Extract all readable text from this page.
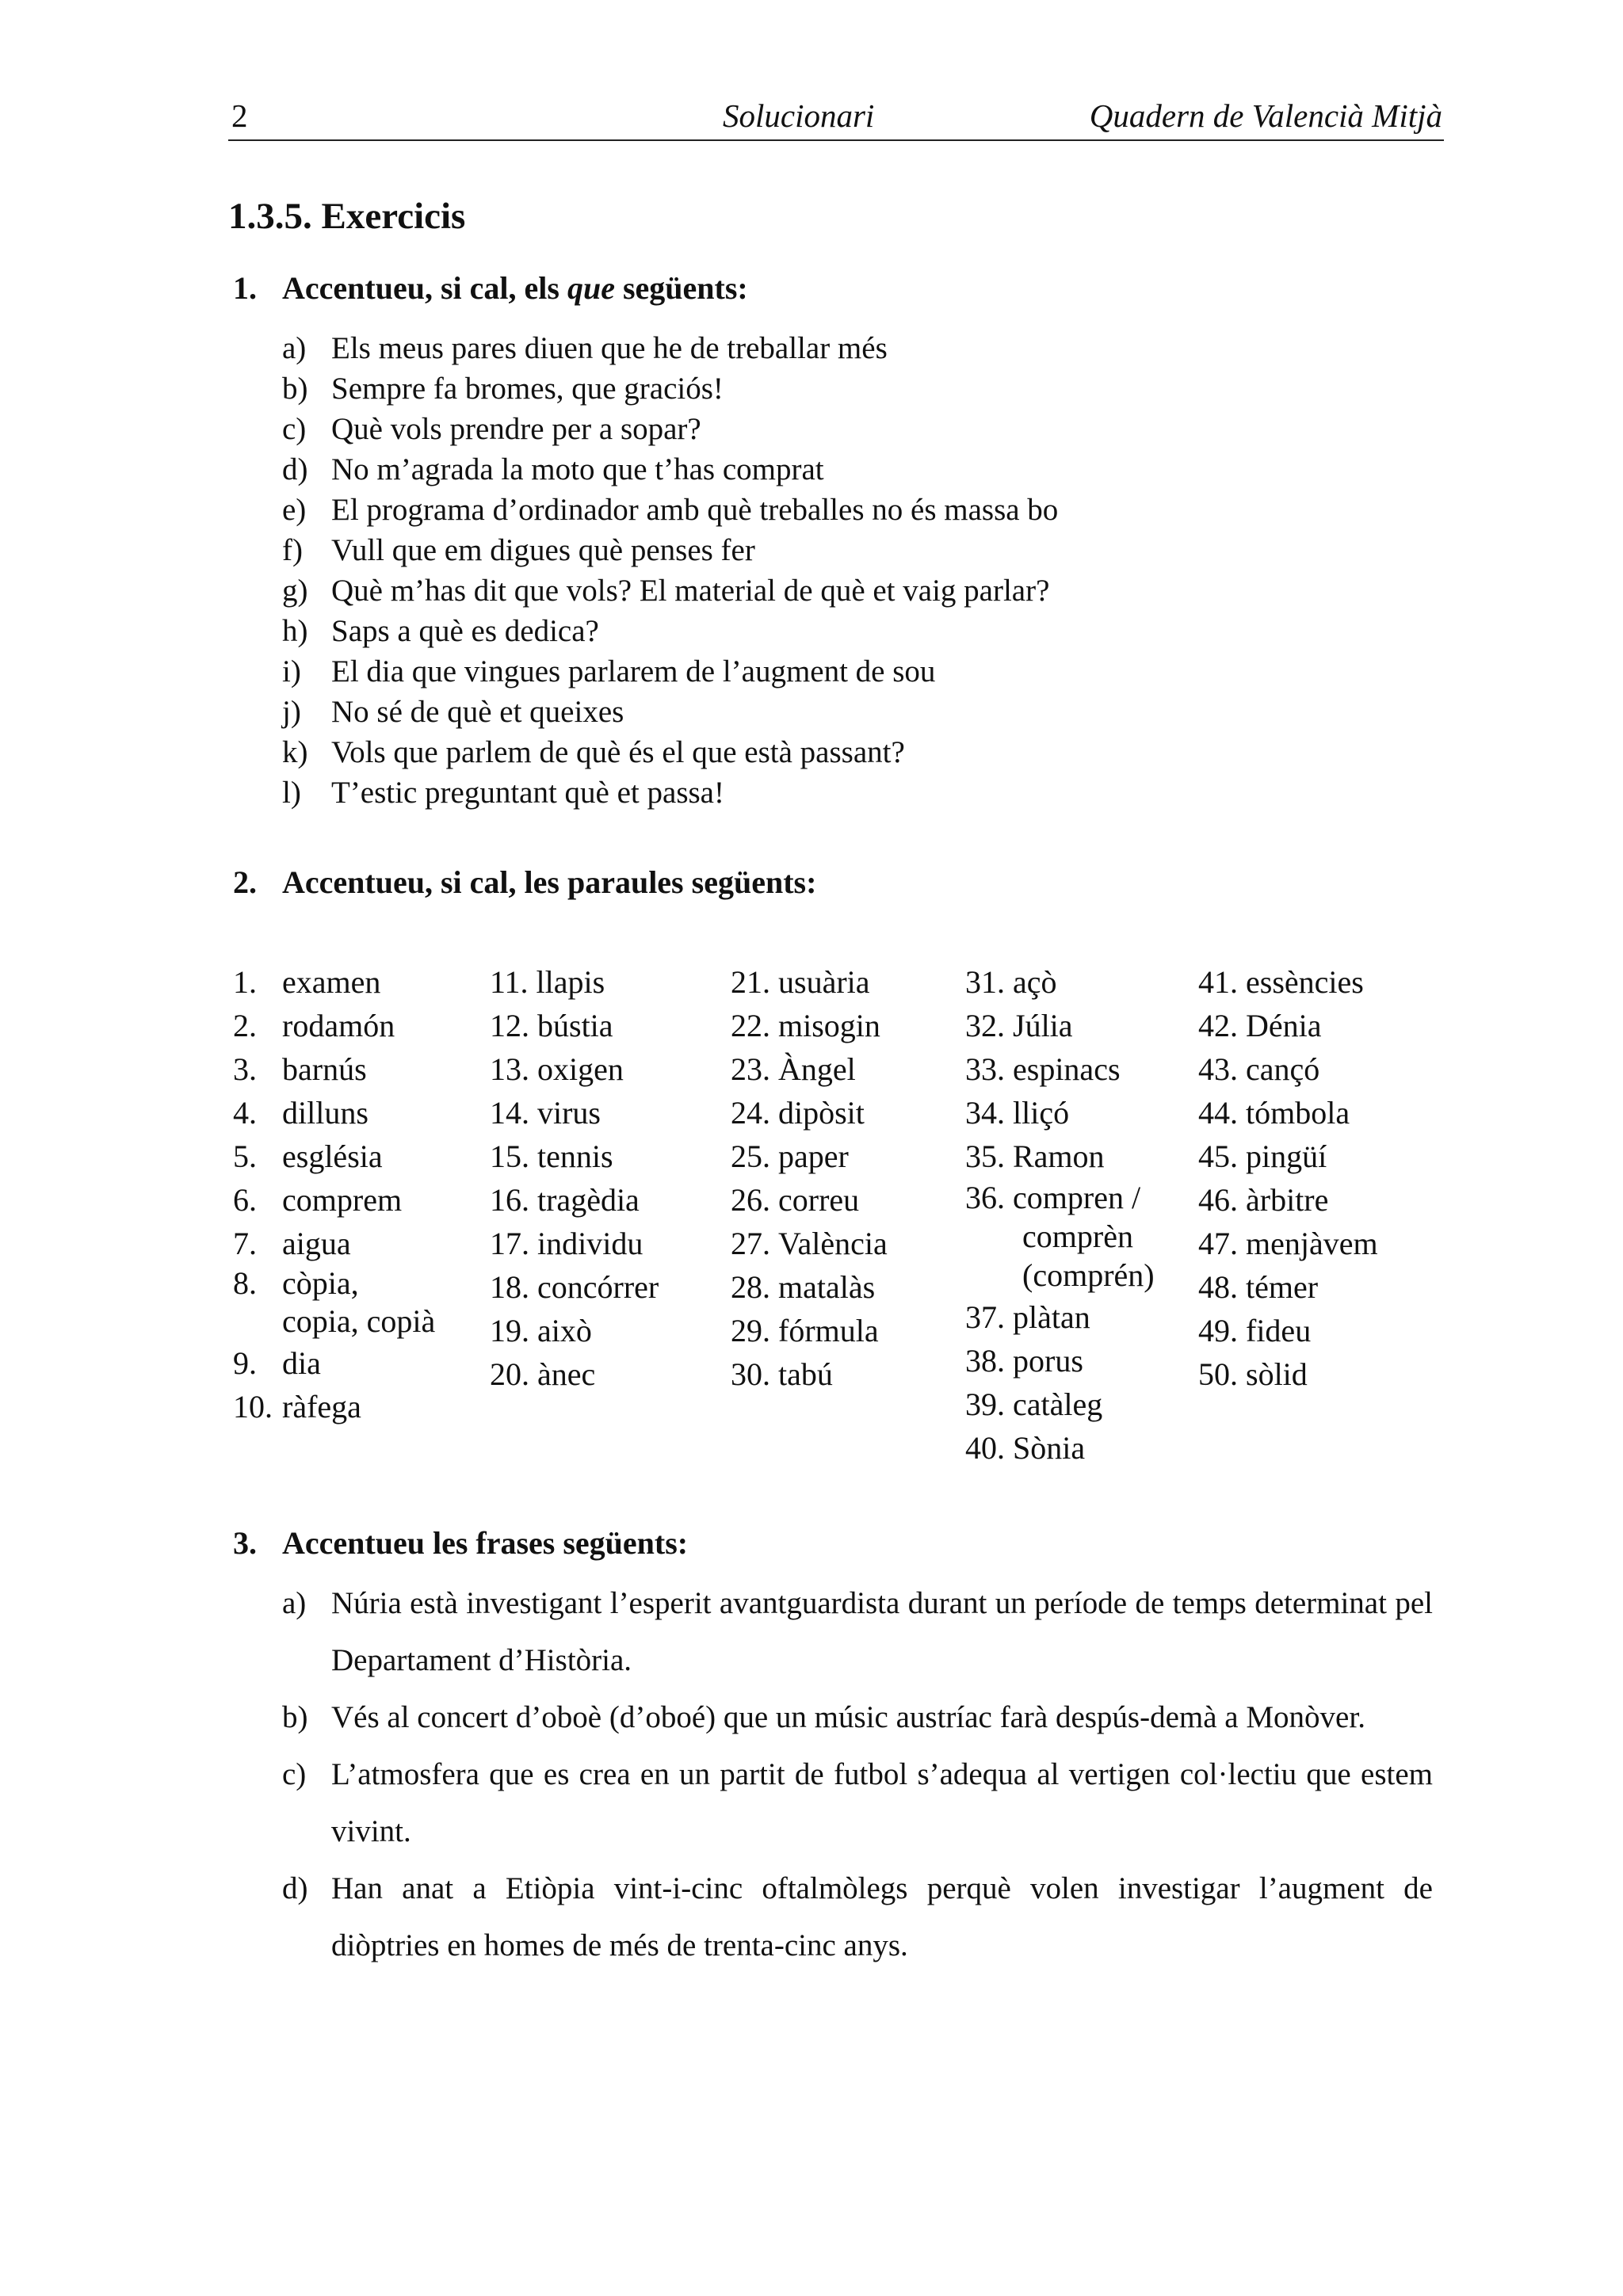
2	Solucionari	Quadern de Valencià Mitjà
1.3.5. Exercicis
1. Accentueu, si cal, els que següents:
a) Els meus pares diuen que he de treballar més
b) Sempre fa bromes, que graciós!
c) Què vols prendre per a sopar?
d) No m’agrada la moto que t’has comprat
e) El programa d’ordinador amb què treballes no és massa bo
f) Vull que em digues què penses fer
g) Què m’has dit que vols? El material de què et vaig parlar?
h) Saps a què es dedica?
i) El dia que vingues parlarem de l’augment de sou
j) No sé de què et queixes
k) Vols que parlem de què és el que està passant?
l) T’estic preguntant què et passa!
2. Accentueu, si cal, les paraules següents:
1. examen
2. rodamón
3. barnús
4. dilluns
5. església
6. comprem
7. aigua
8. còpia,
copia, copià
9. dia
10. ràfega
11. llapis
12. bústia
13. oxigen
14. virus
15. tennis
16. tragèdia
17. individu
18. concórrer
19. això
20. ànec
21. usuària
22. misogin
23. Àngel
24. dipòsit
25. paper
26. correu
27. València
28. matalàs
29. fórmula
30. tabú
31. açò
32. Júlia
33. espinacs
34. lliçó
35. Ramon
36. compren /
comprèn
(comprén)
37. plàtan
38. porus
39. catàleg
40. Sònia
41. essències
42. Dénia
43. cançó
44. tómbola
45. pingüí
46. àrbitre
47. menjàvem
48. témer
49. fideu
50. sòlid
3. Accentueu les frases següents:
a) Núria està investigant l’esperit avantguardista durant un període de temps determinat pel Departament d’Història.
b) Vés al concert d’oboè (d’oboé) que un músic austríac farà despús-demà a Monòver.
c) L’atmosfera que es crea en un partit de futbol s’adequa al vertigen col·lectiu que estem vivint.
d) Han anat a Etiòpia vint-i-cinc oftalmòlegs perquè volen investigar l’augment de diòptries en homes de més de trenta-cinc anys.
